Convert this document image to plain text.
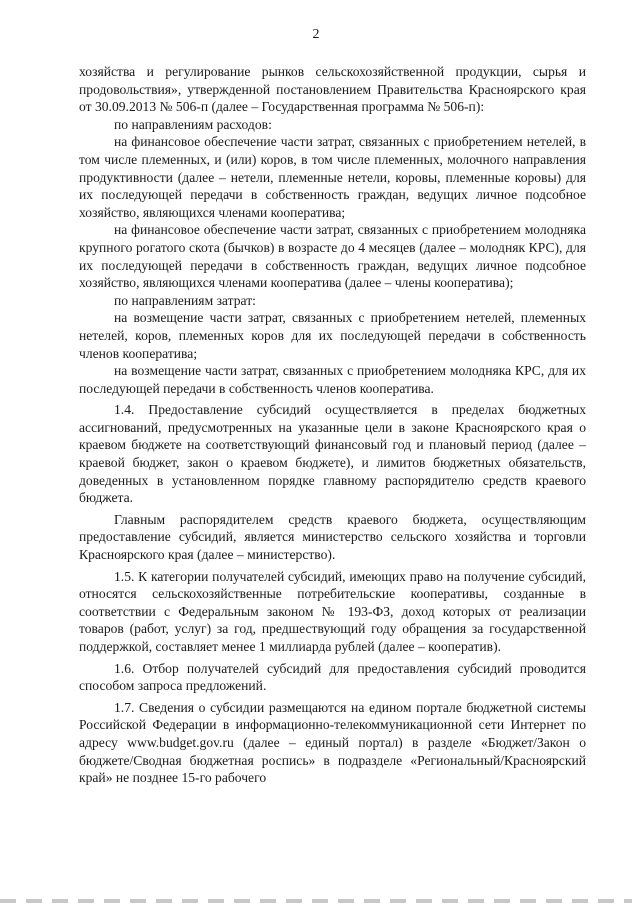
2

хозяйства и регулирование рынков сельскохозяйственной продукции, сырья и продовольствия», утвержденной постановлением Правительства Красноярского края от 30.09.2013 № 506-п (далее – Государственная программа № 506-п):

по направлениям расходов:

на финансовое обеспечение части затрат, связанных с приобретением нетелей, в том числе племенных, и (или) коров, в том числе племенных, молочного направления продуктивности (далее – нетели, племенные нетели, коровы, племенные коровы) для их последующей передачи в собственность граждан, ведущих личное подсобное хозяйство, являющихся членами кооператива;

на финансовое обеспечение части затрат, связанных с приобретением молодняка крупного рогатого скота (бычков) в возрасте до 4 месяцев (далее – молодняк КРС), для их последующей передачи в собственность граждан, ведущих личное подсобное хозяйство, являющихся членами кооператива (далее – члены кооператива);

по направлениям затрат:

на возмещение части затрат, связанных с приобретением нетелей, племенных нетелей, коров, племенных коров для их последующей передачи в собственность членов кооператива;

на возмещение части затрат, связанных с приобретением молодняка КРС, для их последующей передачи в собственность членов кооператива.

1.4. Предоставление субсидий осуществляется в пределах бюджетных ассигнований, предусмотренных на указанные цели в законе Красноярского края о краевом бюджете на соответствующий финансовый год и плановый период (далее – краевой бюджет, закон о краевом бюджете), и лимитов бюджетных обязательств, доведенных в установленном порядке главному распорядителю средств краевого бюджета.

Главным распорядителем средств краевого бюджета, осуществляющим предоставление субсидий, является министерство сельского хозяйства и торговли Красноярского края (далее – министерство).

1.5. К категории получателей субсидий, имеющих право на получение субсидий, относятся сельскохозяйственные потребительские кооперативы, созданные в соответствии с Федеральным законом № 193-ФЗ, доход которых от реализации товаров (работ, услуг) за год, предшествующий году обращения за государственной поддержкой, составляет менее 1 миллиарда рублей (далее – кооператив).

1.6. Отбор получателей субсидий для предоставления субсидий проводится способом запроса предложений.

1.7. Сведения о субсидии размещаются на едином портале бюджетной системы Российской Федерации в информационно-телекоммуникационной сети Интернет по адресу www.budget.gov.ru (далее – единый портал) в разделе «Бюджет/Закон о бюджете/Сводная бюджетная роспись» в подразделе «Региональный/Красноярский край» не позднее 15-го рабочего
